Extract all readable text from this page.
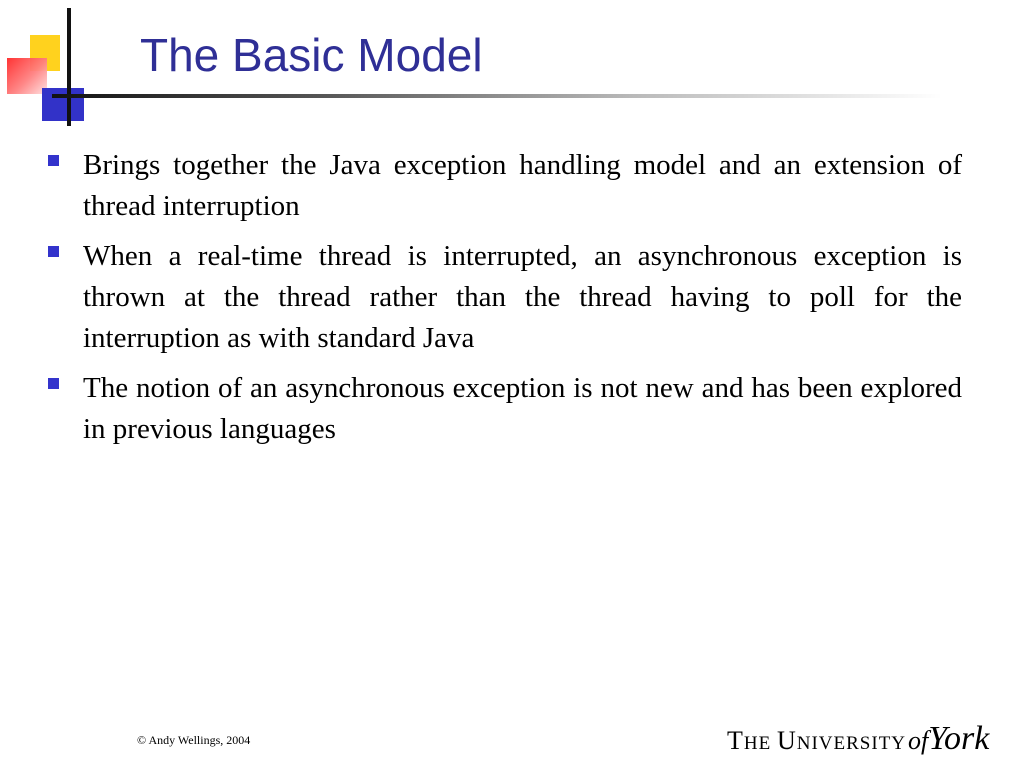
The Basic Model
Brings together the Java exception handling model and an extension of thread interruption
When a real-time thread is interrupted, an asynchronous exception is thrown at the thread rather than the thread having to poll for the interruption as with standard Java
The notion of an asynchronous exception is not new and has been explored in previous languages
© Andy Wellings, 2004	THE UNIVERSITYofYork
